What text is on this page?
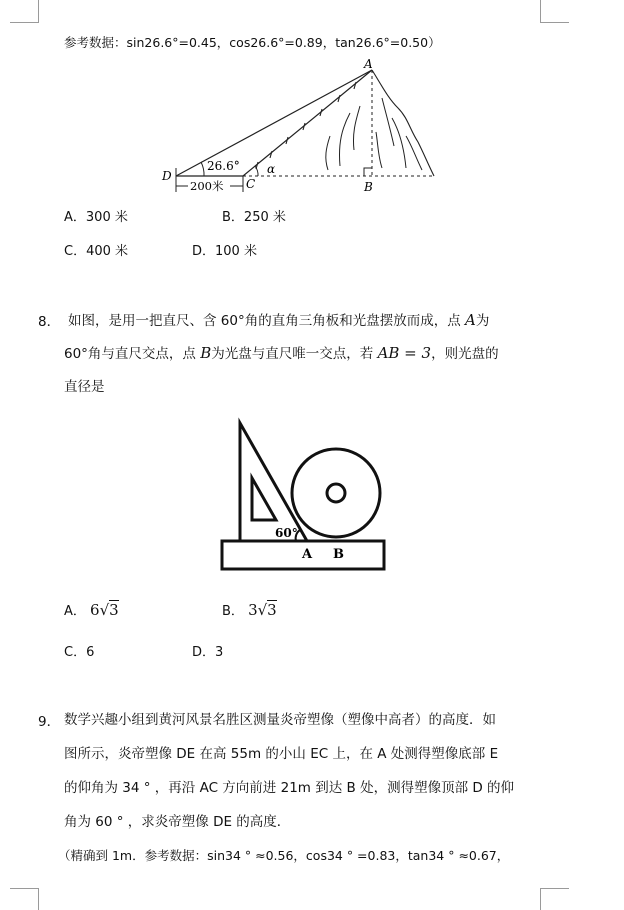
参考数据：sin26.6°=0.45，cos26.6°=0.89，tan26.6°=0.50）
A
B
C
D	α
26.6°
200米
A．300 米	B．250 米
C．400 米	D．100 米
8． 如图，是用一把直尺、含 60°角的直角三角板和光盘摆放而成，点 A为
60°角与直尺交点，点 B为光盘与直尺唯一交点，若 AB = 3，则光盘的
直径是
60°
A B
A． 6√3	B． 3√3
C．6	D．3
9． 数学兴趣小组到黄河风景名胜区测量炎帝塑像（塑像中高者）的高度．如
图所示，炎帝塑像 DE 在高 55m 的小山 EC 上，在 A 处测得塑像底部 E
的仰角为 34 ° ，再沿 AC 方向前进 21m 到达 B 处，测得塑像顶部 D 的仰
角为 60 ° ，求炎帝塑像 DE 的高度．
（精确到 1m．参考数据：sin34 ° ≈0.56，cos34 ° =0.83，tan34 ° ≈0.67，
